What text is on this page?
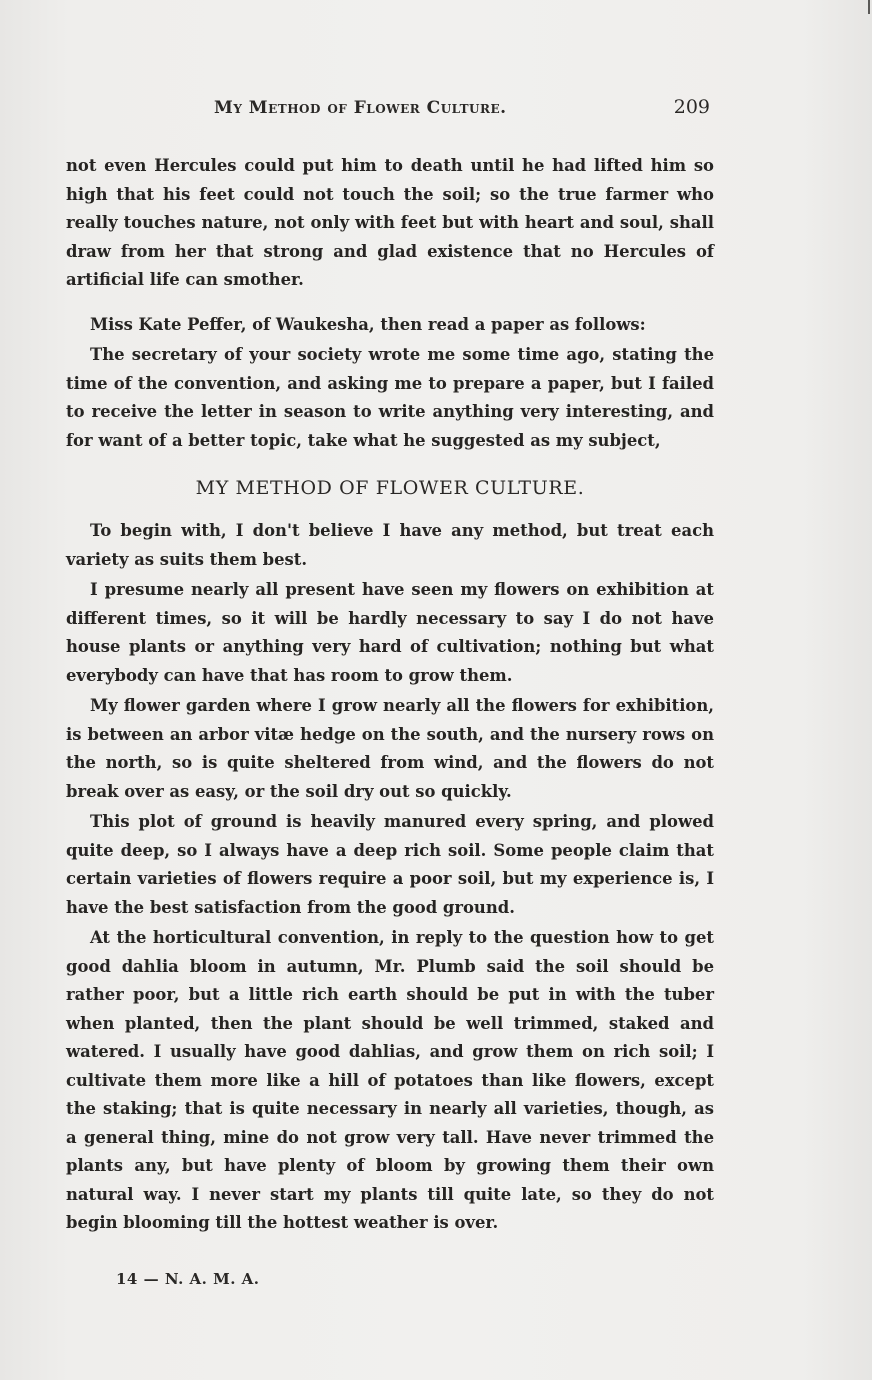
My Method of Flower Culture.	209

not even Hercules could put him to death until he had lifted him so high that his feet could not touch the soil; so the true farmer who really touches nature, not only with feet but with heart and soul, shall draw from her that strong and glad existence that no Hercules of artificial life can smother.

Miss Kate Peffer, of Waukesha, then read a paper as follows:

The secretary of your society wrote me some time ago, stating the time of the convention, and asking me to prepare a paper, but I failed to receive the letter in season to write anything very interesting, and for want of a better topic, take what he suggested as my subject,

MY METHOD OF FLOWER CULTURE.

To begin with, I don't believe I have any method, but treat each variety as suits them best.

I presume nearly all present have seen my flowers on exhibition at different times, so it will be hardly necessary to say I do not have house plants or anything very hard of cultivation; nothing but what everybody can have that has room to grow them.

My flower garden where I grow nearly all the flowers for exhibition, is between an arbor vitæ hedge on the south, and the nursery rows on the north, so is quite sheltered from wind, and the flowers do not break over as easy, or the soil dry out so quickly.

This plot of ground is heavily manured every spring, and plowed quite deep, so I always have a deep rich soil. Some people claim that certain varieties of flowers require a poor soil, but my experience is, I have the best satisfaction from the good ground.

At the horticultural convention, in reply to the question how to get good dahlia bloom in autumn, Mr. Plumb said the soil should be rather poor, but a little rich earth should be put in with the tuber when planted, then the plant should be well trimmed, staked and watered. I usually have good dahlias, and grow them on rich soil; I cultivate them more like a hill of potatoes than like flowers, except the staking; that is quite necessary in nearly all varieties, though, as a general thing, mine do not grow very tall. Have never trimmed the plants any, but have plenty of bloom by growing them their own natural way. I never start my plants till quite late, so they do not begin blooming till the hottest weather is over.

14 — N. A. M. A.
